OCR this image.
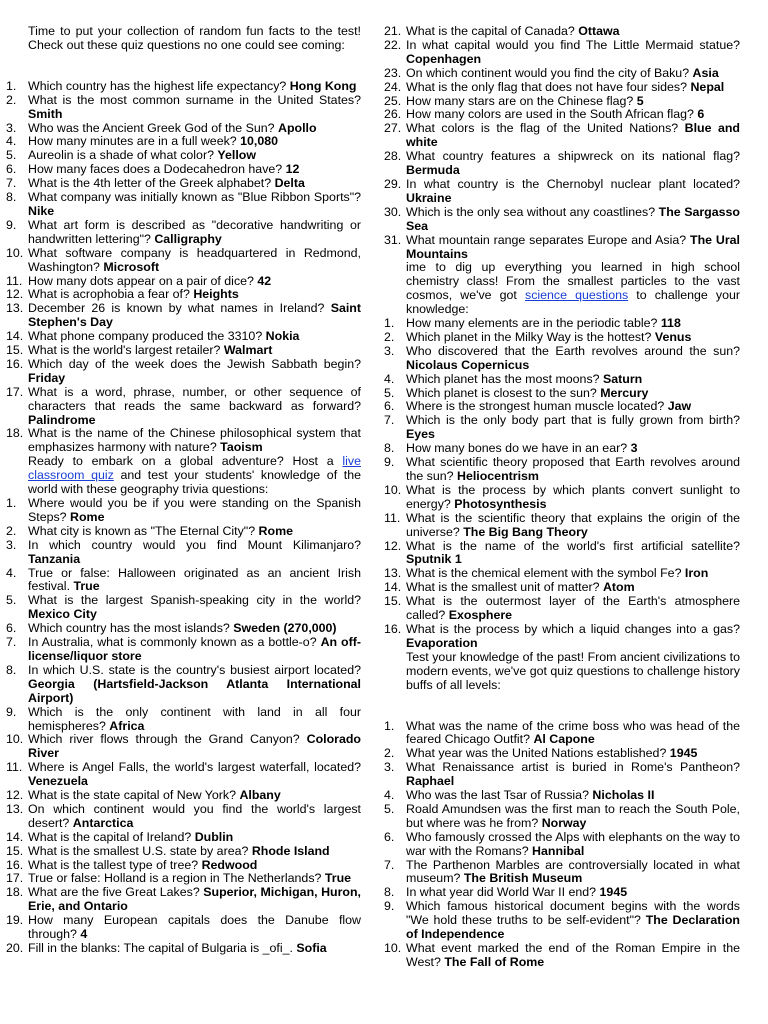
Time to put your collection of random fun facts to the test! Check out these quiz questions no one could see coming:
1. Which country has the highest life expectancy? Hong Kong
2. What is the most common surname in the United States? Smith
3. Who was the Ancient Greek God of the Sun? Apollo
4. How many minutes are in a full week? 10,080
5. Aureolin is a shade of what color? Yellow
6. How many faces does a Dodecahedron have? 12
7. What is the 4th letter of the Greek alphabet? Delta
8. What company was initially known as "Blue Ribbon Sports"? Nike
9. What art form is described as "decorative handwriting or handwritten lettering"? Calligraphy
10. What software company is headquartered in Redmond, Washington? Microsoft
11. How many dots appear on a pair of dice? 42
12. What is acrophobia a fear of? Heights
13. December 26 is known by what names in Ireland? Saint Stephen's Day
14. What phone company produced the 3310? Nokia
15. What is the world's largest retailer? Walmart
16. Which day of the week does the Jewish Sabbath begin? Friday
17. What is a word, phrase, number, or other sequence of characters that reads the same backward as forward? Palindrome
18. What is the name of the Chinese philosophical system that emphasizes harmony with nature? Taoism
Ready to embark on a global adventure? Host a live classroom quiz and test your students' knowledge of the world with these geography trivia questions:
1. Where would you be if you were standing on the Spanish Steps? Rome
2. What city is known as "The Eternal City"? Rome
3. In which country would you find Mount Kilimanjaro? Tanzania
4. True or false: Halloween originated as an ancient Irish festival. True
5. What is the largest Spanish-speaking city in the world? Mexico City
6. Which country has the most islands? Sweden (270,000)
7. In Australia, what is commonly known as a bottle-o? An off-license/liquor store
8. In which U.S. state is the country's busiest airport located? Georgia (Hartsfield-Jackson Atlanta International Airport)
9. Which is the only continent with land in all four hemispheres? Africa
10. Which river flows through the Grand Canyon? Colorado River
11. Where is Angel Falls, the world's largest waterfall, located? Venezuela
12. What is the state capital of New York? Albany
13. On which continent would you find the world's largest desert? Antarctica
14. What is the capital of Ireland? Dublin
15. What is the smallest U.S. state by area? Rhode Island
16. What is the tallest type of tree? Redwood
17. True or false: Holland is a region in The Netherlands? True
18. What are the five Great Lakes? Superior, Michigan, Huron, Erie, and Ontario
19. How many European capitals does the Danube flow through? 4
20. Fill in the blanks: The capital of Bulgaria is _ofi_. Sofia
21. What is the capital of Canada? Ottawa
22. In what capital would you find The Little Mermaid statue? Copenhagen
23. On which continent would you find the city of Baku? Asia
24. What is the only flag that does not have four sides? Nepal
25. How many stars are on the Chinese flag? 5
26. How many colors are used in the South African flag? 6
27. What colors is the flag of the United Nations? Blue and white
28. What country features a shipwreck on its national flag? Bermuda
29. In what country is the Chernobyl nuclear plant located? Ukraine
30. Which is the only sea without any coastlines? The Sargasso Sea
31. What mountain range separates Europe and Asia? The Ural Mountains
ime to dig up everything you learned in high school chemistry class! From the smallest particles to the vast cosmos, we've got science questions to challenge your knowledge:
1. How many elements are in the periodic table? 118
2. Which planet in the Milky Way is the hottest? Venus
3. Who discovered that the Earth revolves around the sun? Nicolaus Copernicus
4. Which planet has the most moons? Saturn
5. Which planet is closest to the sun? Mercury
6. Where is the strongest human muscle located? Jaw
7. Which is the only body part that is fully grown from birth? Eyes
8. How many bones do we have in an ear? 3
9. What scientific theory proposed that Earth revolves around the sun? Heliocentrism
10. What is the process by which plants convert sunlight to energy? Photosynthesis
11. What is the scientific theory that explains the origin of the universe? The Big Bang Theory
12. What is the name of the world's first artificial satellite? Sputnik 1
13. What is the chemical element with the symbol Fe? Iron
14. What is the smallest unit of matter? Atom
15. What is the outermost layer of the Earth's atmosphere called? Exosphere
16. What is the process by which a liquid changes into a gas? Evaporation
Test your knowledge of the past! From ancient civilizations to modern events, we've got quiz questions to challenge history buffs of all levels:
1. What was the name of the crime boss who was head of the feared Chicago Outfit? Al Capone
2. What year was the United Nations established? 1945
3. What Renaissance artist is buried in Rome's Pantheon? Raphael
4. Who was the last Tsar of Russia? Nicholas II
5. Roald Amundsen was the first man to reach the South Pole, but where was he from? Norway
6. Who famously crossed the Alps with elephants on the way to war with the Romans? Hannibal
7. The Parthenon Marbles are controversially located in what museum? The British Museum
8. In what year did World War II end? 1945
9. Which famous historical document begins with the words "We hold these truths to be self-evident"? The Declaration of Independence
10. What event marked the end of the Roman Empire in the West? The Fall of Rome
